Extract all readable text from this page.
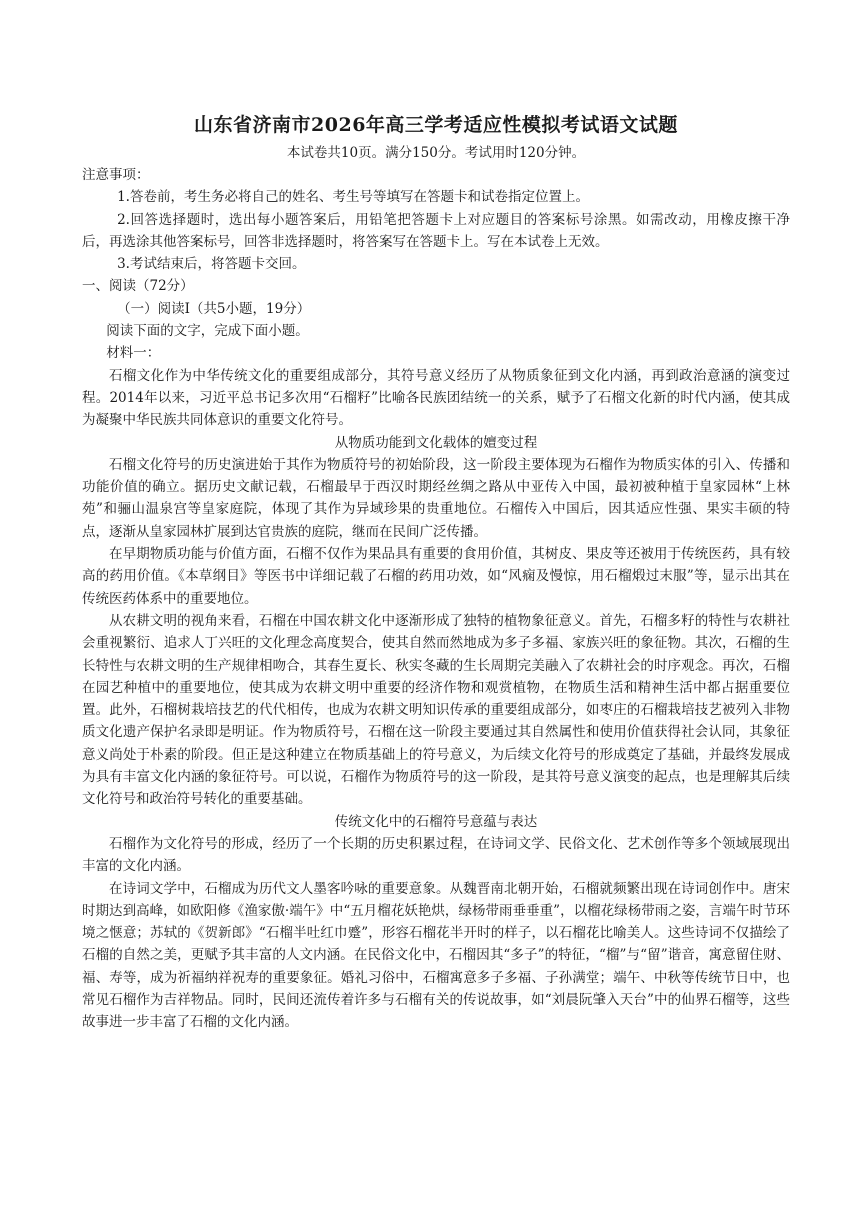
山东省济南市2026年高三学考适应性模拟考试语文试题

本试卷共10页。满分150分。考试用时120分钟。

注意事项：

1.答卷前，考生务必将自己的姓名、考生号等填写在答题卡和试卷指定位置上。

2.回答选择题时，选出每小题答案后，用铅笔把答题卡上对应题目的答案标号涂黑。如需改动，用橡皮擦干净后，再选涂其他答案标号，回答非选择题时，将答案写在答题卡上。写在本试卷上无效。

3.考试结束后，将答题卡交回。

一、阅读（72分）

（一）阅读Ⅰ（共5小题，19分）

阅读下面的文字，完成下面小题。

材料一：

石榴文化作为中华传统文化的重要组成部分，其符号意义经历了从物质象征到文化内涵，再到政治意涵的演变过程。2014年以来，习近平总书记多次用“石榴籽”比喻各民族团结统一的关系，赋予了石榴文化新的时代内涵，使其成为凝聚中华民族共同体意识的重要文化符号。

从物质功能到文化载体的嬗变过程

石榴文化符号的历史演进始于其作为物质符号的初始阶段，这一阶段主要体现为石榴作为物质实体的引入、传播和功能价值的确立。据历史文献记载，石榴最早于西汉时期经丝绸之路从中亚传入中国，最初被种植于皇家园林“上林苑”和骊山温泉宫等皇家庭院，体现了其作为异域珍果的贵重地位。石榴传入中国后，因其适应性强、果实丰硕的特点，逐渐从皇家园林扩展到达官贵族的庭院，继而在民间广泛传播。

在早期物质功能与价值方面，石榴不仅作为果品具有重要的食用价值，其树皮、果皮等还被用于传统医药，具有较高的药用价值。《本草纲目》等医书中详细记载了石榴的药用功效，如“风痫及慢惊，用石榴煅过末服”等，显示出其在传统医药体系中的重要地位。

从农耕文明的视角来看，石榴在中国农耕文化中逐渐形成了独特的植物象征意义。首先，石榴多籽的特性与农耕社会重视繁衍、追求人丁兴旺的文化理念高度契合，使其自然而然地成为多子多福、家族兴旺的象征物。其次，石榴的生长特性与农耕文明的生产规律相吻合，其春生夏长、秋实冬藏的生长周期完美融入了农耕社会的时序观念。再次，石榴在园艺种植中的重要地位，使其成为农耕文明中重要的经济作物和观赏植物，在物质生活和精神生活中都占据重要位置。此外，石榴树栽培技艺的代代相传，也成为农耕文明知识传承的重要组成部分，如枣庄的石榴栽培技艺被列入非物质文化遗产保护名录即是明证。作为物质符号，石榴在这一阶段主要通过其自然属性和使用价值获得社会认同，其象征意义尚处于朴素的阶段。但正是这种建立在物质基础上的符号意义，为后续文化符号的形成奠定了基础，并最终发展成为具有丰富文化内涵的象征符号。可以说，石榴作为物质符号的这一阶段，是其符号意义演变的起点，也是理解其后续文化符号和政治符号转化的重要基础。

传统文化中的石榴符号意蕴与表达

石榴作为文化符号的形成，经历了一个长期的历史积累过程，在诗词文学、民俗文化、艺术创作等多个领域展现出丰富的文化内涵。

在诗词文学中，石榴成为历代文人墨客吟咏的重要意象。从魏晋南北朝开始，石榴就频繁出现在诗词创作中。唐宋时期达到高峰，如欧阳修《渔家傲·端午》中“五月榴花妖艳烘，绿杨带雨垂垂重”，以榴花绿杨带雨之姿，言端午时节环境之惬意；苏轼的《贺新郎》“石榴半吐红巾蹙”，形容石榴花半开时的样子，以石榴花比喻美人。这些诗词不仅描绘了石榴的自然之美，更赋予其丰富的人文内涵。在民俗文化中，石榴因其“多子”的特征，“榴”与“留”谐音，寓意留住财、福、寿等，成为祈福纳祥祝寿的重要象征。婚礼习俗中，石榴寓意多子多福、子孙满堂；端午、中秋等传统节日中，也常见石榴作为吉祥物品。同时，民间还流传着许多与石榴有关的传说故事，如“刘晨阮肇入天台”中的仙界石榴等，这些故事进一步丰富了石榴的文化内涵。
